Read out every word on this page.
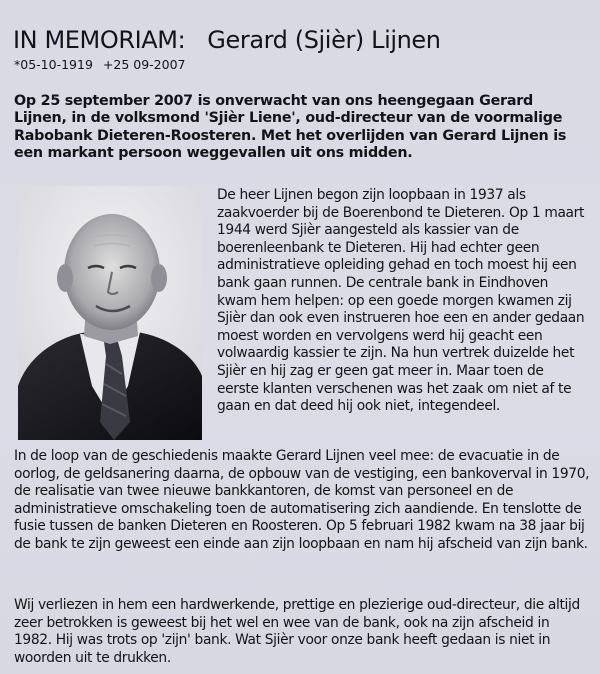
IN MEMORIAM: Gerard (Sjièr) Lijnen
*05-10-1919 +25 09-2007

Op 25 september 2007 is onverwacht van ons heengegaan Gerard Lijnen, in de volksmond 'Sjièr Liene', oud-directeur van de voormalige Rabobank Dieteren-Roosteren. Met het overlijden van Gerard Lijnen is een markant persoon weggevallen uit ons midden.

De heer Lijnen begon zijn loopbaan in 1937 als zaakvoerder bij de Boerenbond te Dieteren. Op 1 maart 1944 werd Sjièr aangesteld als kassier van de boerenleenbank te Dieteren. Hij had echter geen administratieve opleiding gehad en toch moest hij een bank gaan runnen. De centrale bank in Eindhoven kwam hem helpen: op een goede morgen kwamen zij Sjièr dan ook even instrueren hoe een en ander gedaan moest worden en vervolgens werd hij geacht een volwaardig kassier te zijn. Na hun vertrek duizelde het Sjièr en hij zag er geen gat meer in. Maar toen de eerste klanten verschenen was het zaak om niet af te gaan en dat deed hij ook niet, integendeel.

In de loop van de geschiedenis maakte Gerard Lijnen veel mee: de evacuatie in de oorlog, de geldsanering daarna, de opbouw van de vestiging, een bankoverval in 1970, de realisatie van twee nieuwe bankkantoren, de komst van personeel en de administratieve omschakeling toen de automatisering zich aandiende. En tenslotte de fusie tussen de banken Dieteren en Roosteren. Op 5 februari 1982 kwam na 38 jaar bij de bank te zijn geweest een einde aan zijn loopbaan en nam hij afscheid van zijn bank.

Wij verliezen in hem een hardwerkende, prettige en plezierige oud-directeur, die altijd zeer betrokken is geweest bij het wel en wee van de bank, ook na zijn afscheid in 1982. Hij was trots op 'zijn' bank. Wat Sjièr voor onze bank heeft gedaan is niet in woorden uit te drukken.
